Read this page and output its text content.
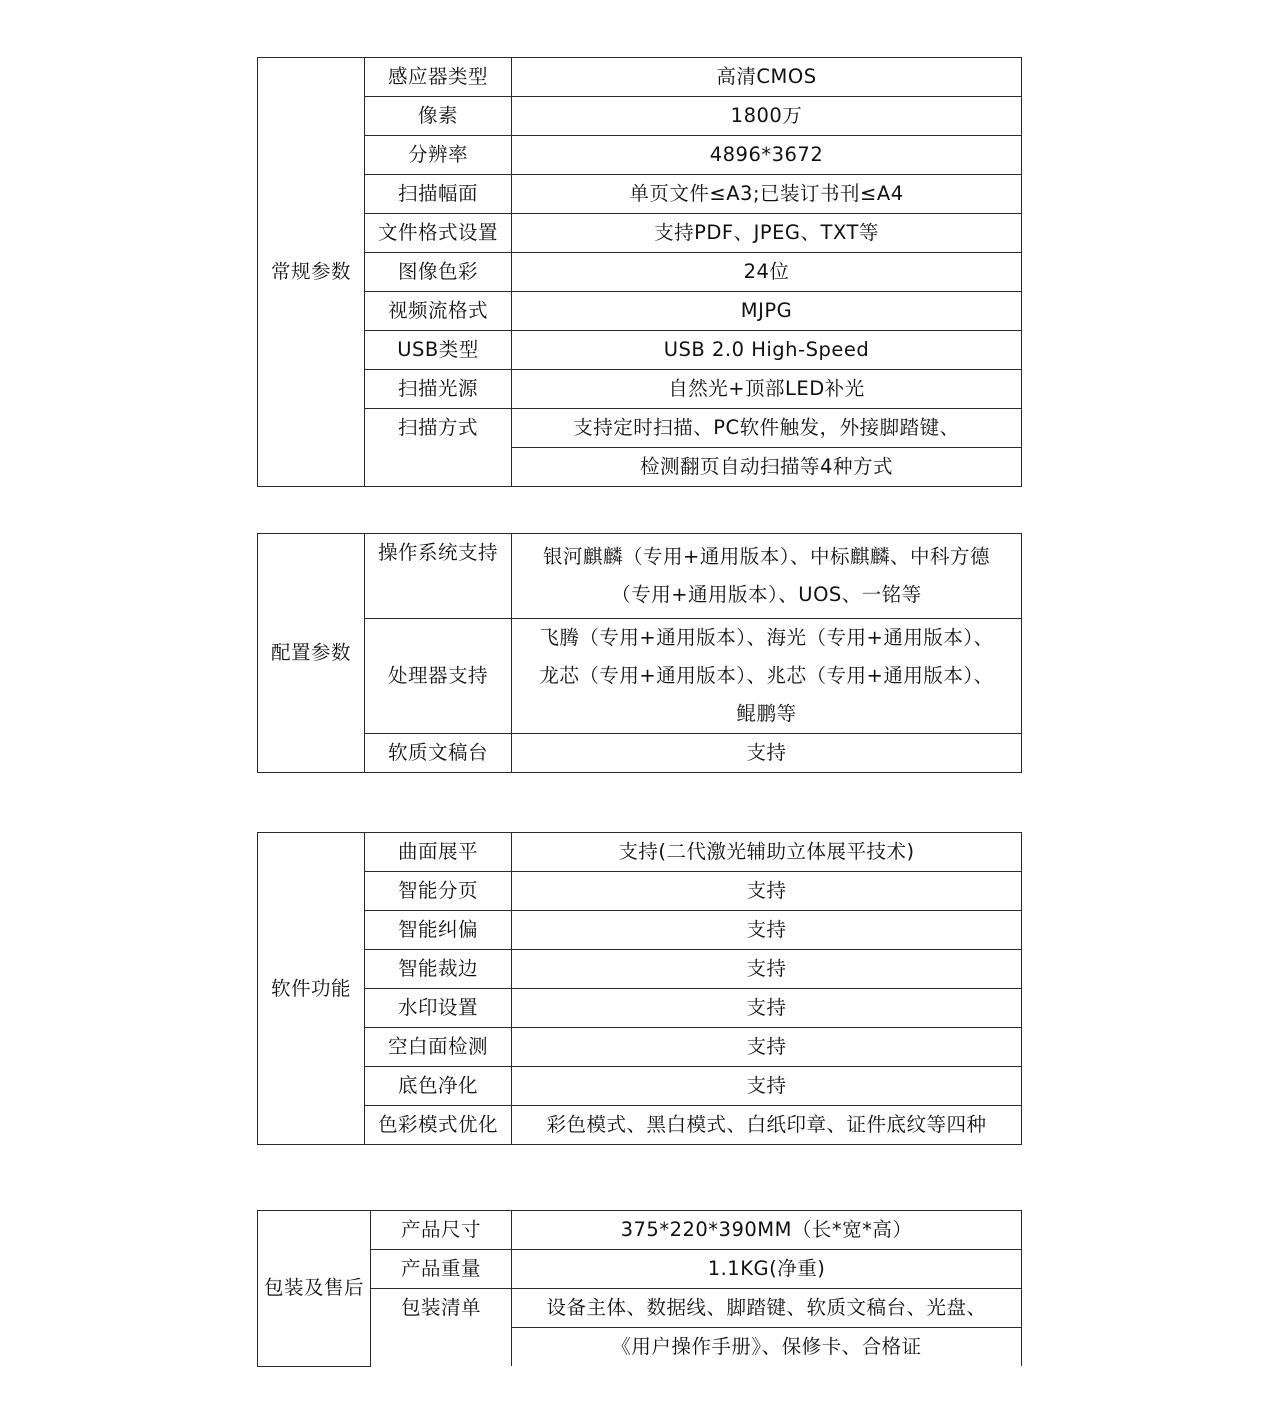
常规参数	感应器类型	高清CMOS
	像素	1800万
	分辨率	4896*3672
	扫描幅面	单页文件≤A3;已装订书刊≤A4
	文件格式设置	支持PDF、JPEG、TXT等
	图像色彩	24位
	视频流格式	MJPG
	USB类型	USB 2.0 High-Speed
	扫描光源	自然光+顶部LED补光
	扫描方式	支持定时扫描、PC软件触发，外接脚踏键、
		检测翻页自动扫描等4种方式
配置参数	操作系统支持	银河麒麟（专用+通用版本）、中标麒麟、中科方德
（专用+通用版本）、UOS、一铭等

	处理器支持	飞腾（专用+通用版本）、海光（专用+通用版本）、
龙芯（专用+通用版本）、兆芯（专用+通用版本）、
鲲鹏等

	软质文稿台	支持
软件功能	曲面展平	支持(二代激光辅助立体展平技术)
	智能分页	支持
	智能纠偏	支持
	智能裁边	支持
	水印设置	支持
	空白面检测	支持
	底色净化	支持
	色彩模式优化	彩色模式、黑白模式、白纸印章、证件底纹等四种
包装及售后	产品尺寸	375*220*390MM（长*宽*高）
	产品重量	1.1KG(净重)
	包装清单	设备主体、数据线、脚踏键、软质文稿台、光盘、
		《用户操作手册》、保修卡、合格证
